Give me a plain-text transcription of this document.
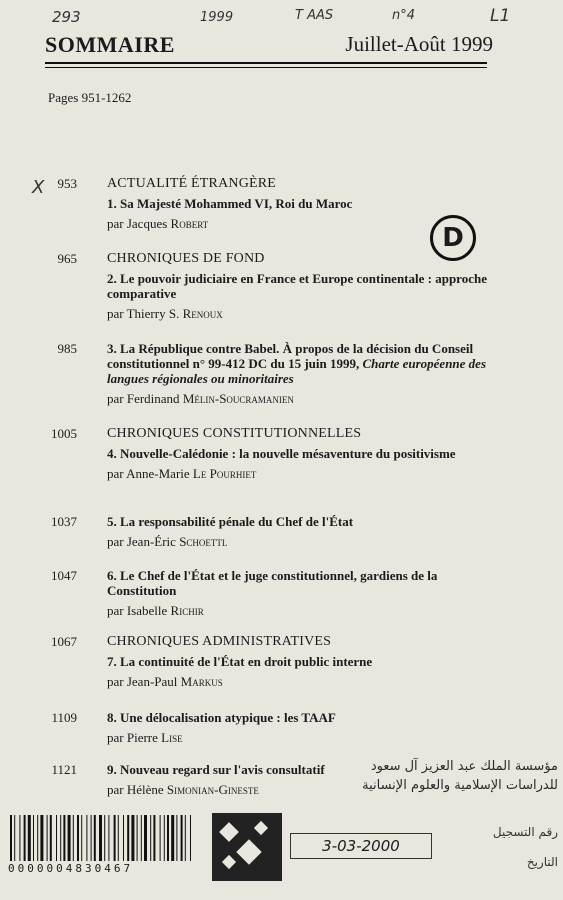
293	1999	T AAS	n°4	L1
X
SOMMAIRE	Juillet-Août 1999
Pages 951-1262
D
953 ACTUALITÉ ÉTRANGÈRE
1. Sa Majesté Mohammed VI, Roi du Maroc
par Jacques Robert
965 CHRONIQUES DE FOND
2. Le pouvoir judiciaire en France et Europe continentale : approche comparative
par Thierry S. Renoux
985 3. La République contre Babel. À propos de la décision du Conseil constitutionnel n° 99-412 DC du 15 juin 1999, Charte européenne des langues régionales ou minoritaires
par Ferdinand Mélin-Soucramanien
1005 CHRONIQUES CONSTITUTIONNELLES
4. Nouvelle-Calédonie : la nouvelle mésaventure du positivisme
par Anne-Marie Le Pourhiet
1037 5. La responsabilité pénale du Chef de l'État
par Jean-Éric Schoettl
1047 6. Le Chef de l'État et le juge constitutionnel, gardiens de la Constitution
par Isabelle Richir
1067 CHRONIQUES ADMINISTRATIVES
7. La continuité de l'État en droit public interne
par Jean-Paul Markus
1109 8. Une délocalisation atypique : les TAAF
par Pierre Lise
1121 9. Nouveau regard sur l'avis consultatif
par Hélène Simonian-Gineste
مؤسسة الملك عبد العزيز آل سعود
للدراسات الإسلامية والعلوم الإنسانية
0000004830467
رقم التسجيل
التاريخ
3-03-2000
